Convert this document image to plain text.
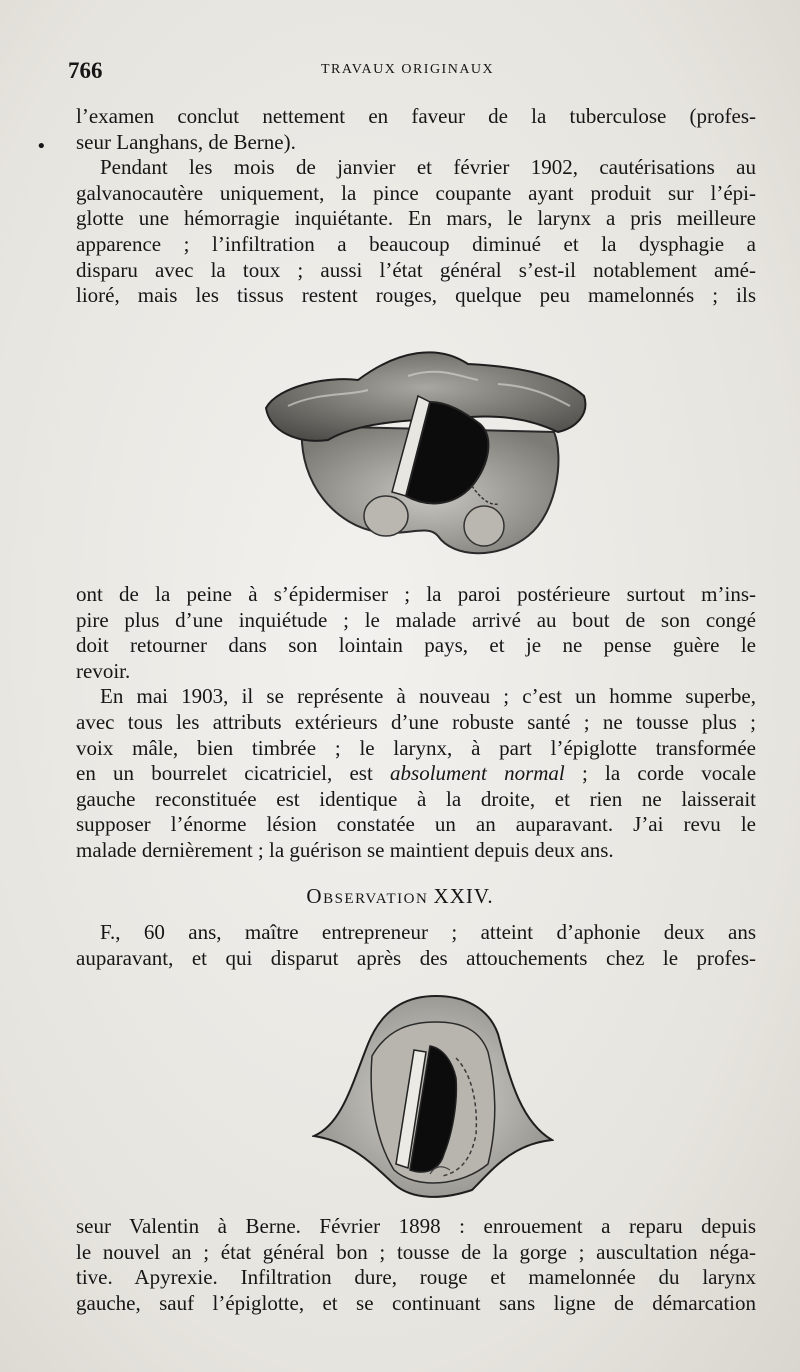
766	TRAVAUX ORIGINAUX
•
l’examen conclut nettement en faveur de la tuberculose (profes-
seur Langhans, de Berne).
Pendant les mois de janvier et février 1902, cautérisations au
galvanocautère uniquement, la pince coupante ayant produit sur l’épi-
glotte une hémorragie inquiétante. En mars, le larynx a pris meilleure
apparence ; l’infiltration a beaucoup diminué et la dysphagie a
disparu avec la toux ; aussi l’état général s’est-il notablement amé-
lioré, mais les tissus restent rouges, quelque peu mamelonnés ; ils
ont de la peine à s’épidermiser ; la paroi postérieure surtout m’ins-
pire plus d’une inquiétude ; le malade arrivé au bout de son congé
doit retourner dans son lointain pays, et je ne pense guère le
revoir.
En mai 1903, il se représente à nouveau ; c’est un homme superbe,
avec tous les attributs extérieurs d’une robuste santé ; ne tousse plus ;
voix mâle, bien timbrée ; le larynx, à part l’épiglotte transformée
en un bourrelet cicatriciel, est absolument normal ; la corde vocale
gauche reconstituée est identique à la droite, et rien ne laisserait
supposer l’énorme lésion constatée un an auparavant. J’ai revu le
malade dernièrement ; la guérison se maintient depuis deux ans.
OBSERVATION XXIV.
F., 60 ans, maître entrepreneur ; atteint d’aphonie deux ans
auparavant, et qui disparut après des attouchements chez le profes-
seur Valentin à Berne. Février 1898 : enrouement a reparu depuis
le nouvel an ; état général bon ; tousse de la gorge ; auscultation néga-
tive. Apyrexie. Infiltration dure, rouge et mamelonnée du larynx
gauche, sauf l’épiglotte, et se continuant sans ligne de démarcation
